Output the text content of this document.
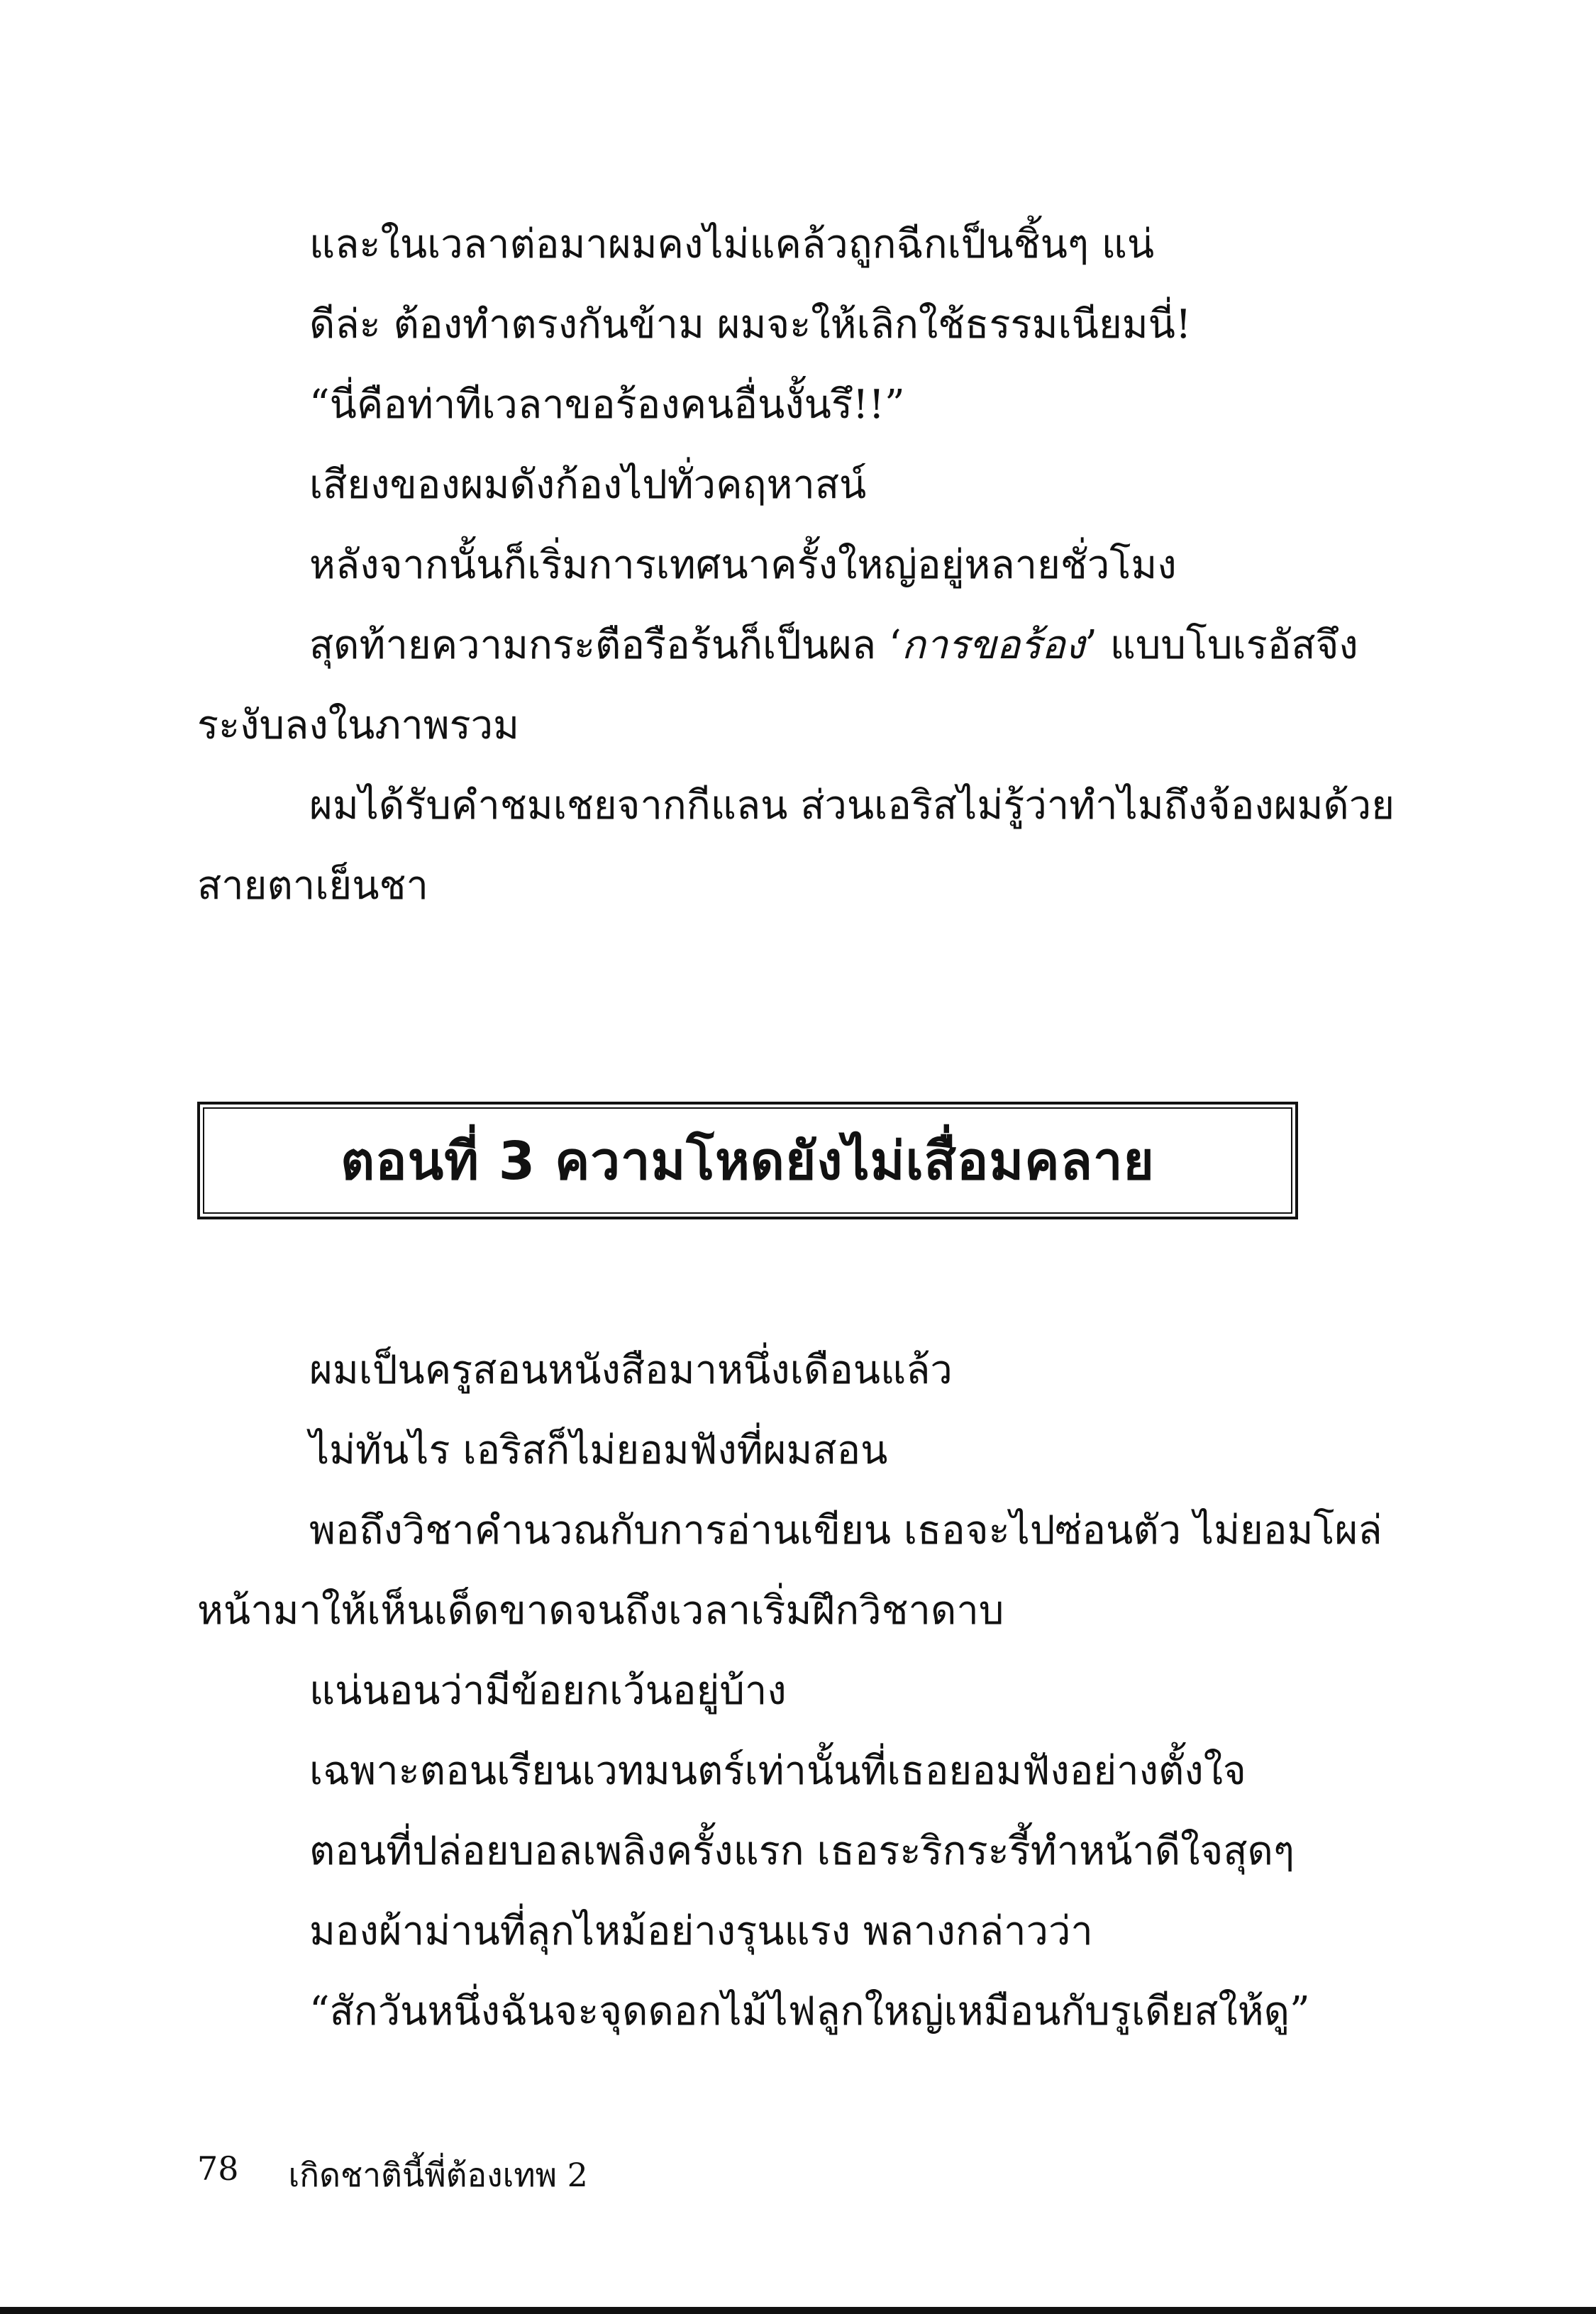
และในเวลาต่อมาผมคงไม่แคล้วถูกฉีกเป็นชิ้นๆ แน่

ดีล่ะ ต้องทำตรงกันข้าม ผมจะให้เลิกใช้ธรรมเนียมนี่!

“นี่คือท่าทีเวลาขอร้องคนอื่นงั้นรึ!!”

เสียงของผมดังก้องไปทั่วคฤหาสน์

หลังจากนั้นก็เริ่มการเทศนาครั้งใหญ่อยู่หลายชั่วโมง

สุดท้ายความกระตือรือร้นก็เป็นผล ‘การขอร้อง’ แบบโบเรอัสจึง

ระงับลงในภาพรวม

ผมได้รับคำชมเชยจากกีแลน ส่วนเอริสไม่รู้ว่าทำไมถึงจ้องผมด้วย

สายตาเย็นชา

ตอนที่ 3 ความโหดยังไม่เสื่อมคลาย

ผมเป็นครูสอนหนังสือมาหนึ่งเดือนแล้ว

ไม่ทันไร เอริสก็ไม่ยอมฟังที่ผมสอน

พอถึงวิชาคำนวณกับการอ่านเขียน เธอจะไปซ่อนตัว ไม่ยอมโผล่

หน้ามาให้เห็นเด็ดขาดจนถึงเวลาเริ่มฝึกวิชาดาบ

แน่นอนว่ามีข้อยกเว้นอยู่บ้าง

เฉพาะตอนเรียนเวทมนตร์เท่านั้นที่เธอยอมฟังอย่างตั้งใจ

ตอนที่ปล่อยบอลเพลิงครั้งแรก เธอระริกระรี้ทำหน้าดีใจสุดๆ

มองผ้าม่านที่ลุกไหม้อย่างรุนแรง พลางกล่าวว่า

“สักวันหนึ่งฉันจะจุดดอกไม้ไฟลูกใหญ่เหมือนกับรูเดียสให้ดู”

78 เกิดชาตินี้พี่ต้องเทพ 2
